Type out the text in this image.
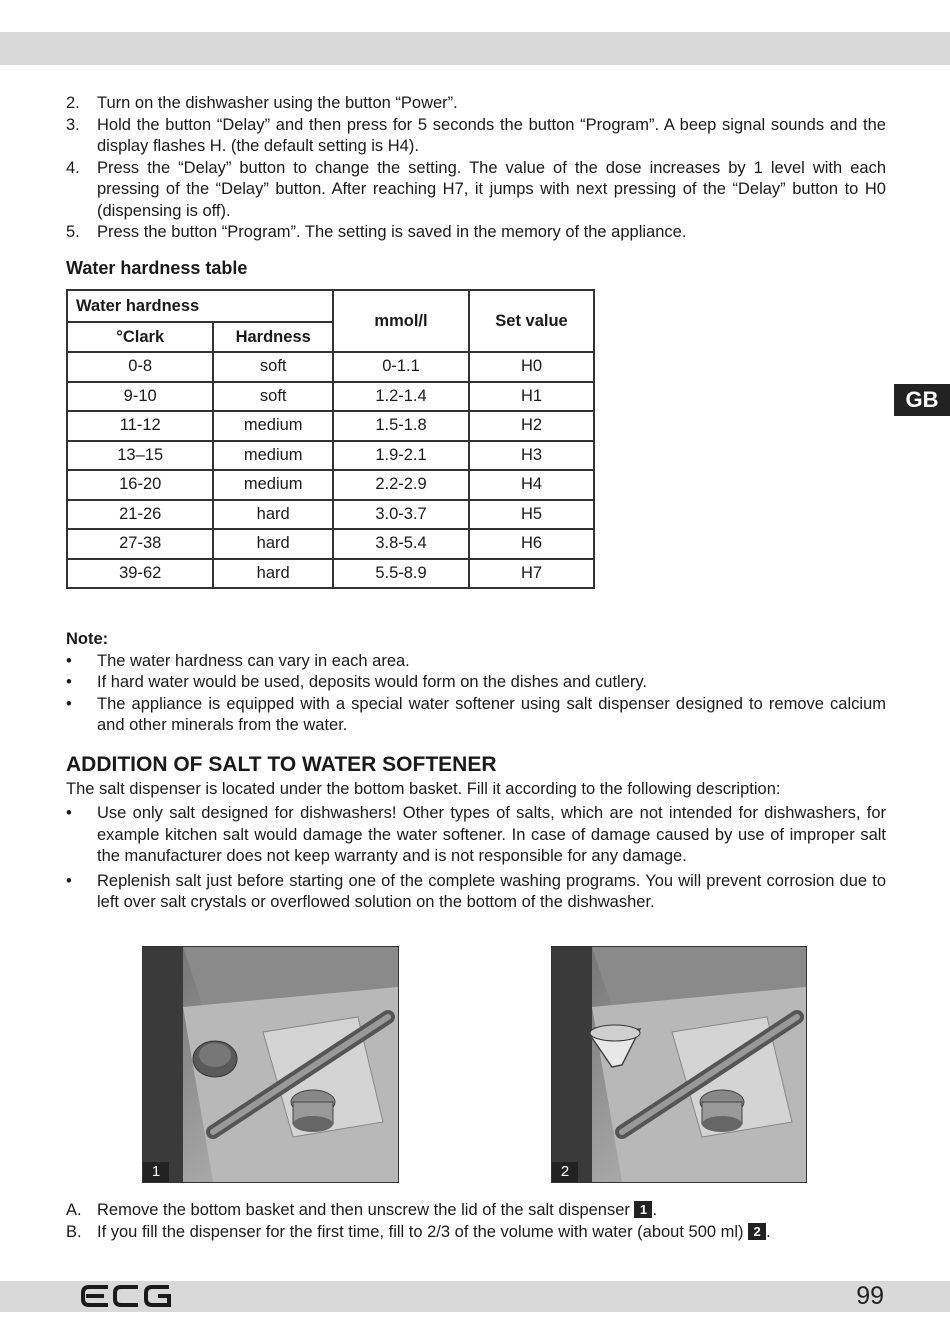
2. Turn on the dishwasher using the button “Power”.
3. Hold the button “Delay” and then press for 5 seconds the button “Program”. A beep signal sounds and the display flashes H. (the default setting is H4).
4. Press the “Delay” button to change the setting. The value of the dose increases by 1 level with each pressing of the “Delay” button. After reaching H7, it jumps with next pressing of the “Delay” button to H0 (dispensing is off).
5. Press the button “Program”. The setting is saved in the memory of the appliance.
Water hardness table
Water hardness		mmol/l	Set value
°Clark	Hardness		
0-8	soft	0-1.1	H0
9-10	soft	1.2-1.4	H1
11-12	medium	1.5-1.8	H2
13–15	medium	1.9-2.1	H3
16-20	medium	2.2-2.9	H4
21-26	hard	3.0-3.7	H5
27-38	hard	3.8-5.4	H6
39-62	hard	5.5-8.9	H7
GB
Note:
• The water hardness can vary in each area.
• If hard water would be used, deposits would form on the dishes and cutlery.
• The appliance is equipped with a special water softener using salt dispenser designed to remove calcium and other minerals from the water.
ADDITION OF SALT TO WATER SOFTENER
The salt dispenser is located under the bottom basket. Fill it according to the following description:
• Use only salt designed for dishwashers! Other types of salts, which are not intended for dishwashers, for example kitchen salt would damage the water softener. In case of damage caused by use of improper salt the manufacturer does not keep warranty and is not responsible for any damage.
• Replenish salt just before starting one of the complete washing programs. You will prevent corrosion due to left over salt crystals or overflowed solution on the bottom of the dishwasher.
1	2
A. Remove the bottom basket and then unscrew the lid of the salt dispenser 1 .
B. If you fill the dispenser for the first time, fill to 2/3 of the volume with water (about 500 ml) 2 .
99
